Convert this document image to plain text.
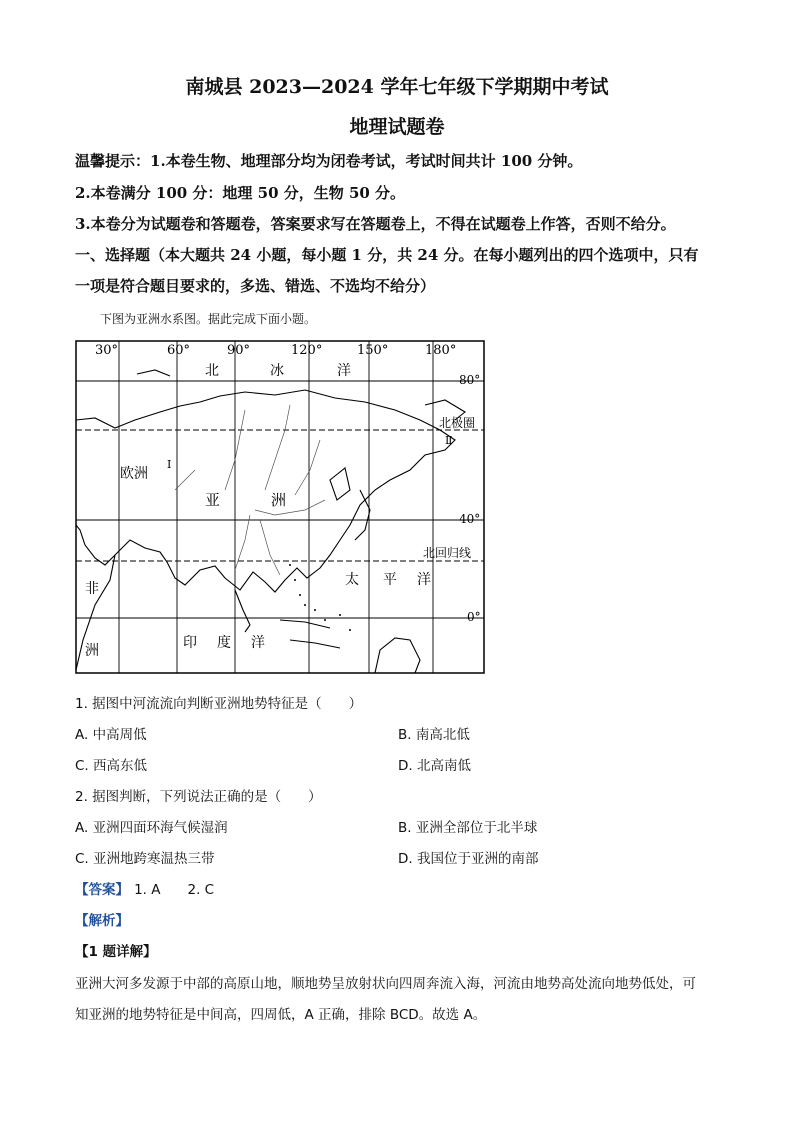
南城县 2023—2024 学年七年级下学期期中考试
地理试题卷
温馨提示：1.本卷生物、地理部分均为闭卷考试，考试时间共计 100 分钟。
2.本卷满分 100 分：地理 50 分，生物 50 分。
3.本卷分为试题卷和答题卷，答案要求写在答题卷上，不得在试题卷上作答，否则不给分。
一、选择题（本大题共 24 小题，每小题 1 分，共 24 分。在每小题列出的四个选项中，只有
一项是符合题目要求的，多选、错选、不选均不给分）
下图为亚洲水系图。据此完成下面小题。
30°	60°	90°	120°	150°	180°
80°
北极圈
40°
北回归线
0°
北	冰	洋
欧洲
亚	洲
非
洲
太 平 洋
印 度 洋
Ⅰ
Ⅱ
1. 据图中河流流向判断亚洲地势特征是（　　）
A. 中高周低	B. 南高北低
C. 西高东低	D. 北高南低
2. 据图判断，下列说法正确的是（　　）
A. 亚洲四面环海气候湿润	B. 亚洲全部位于北半球
C. 亚洲地跨寒温热三带	D. 我国位于亚洲的南部
【答案】 1. A　　2. C
【解析】
【1 题详解】
亚洲大河多发源于中部的高原山地，顺地势呈放射状向四周奔流入海，河流由地势高处流向地势低处，可
知亚洲的地势特征是中间高，四周低，A 正确，排除 BCD。故选 A。
